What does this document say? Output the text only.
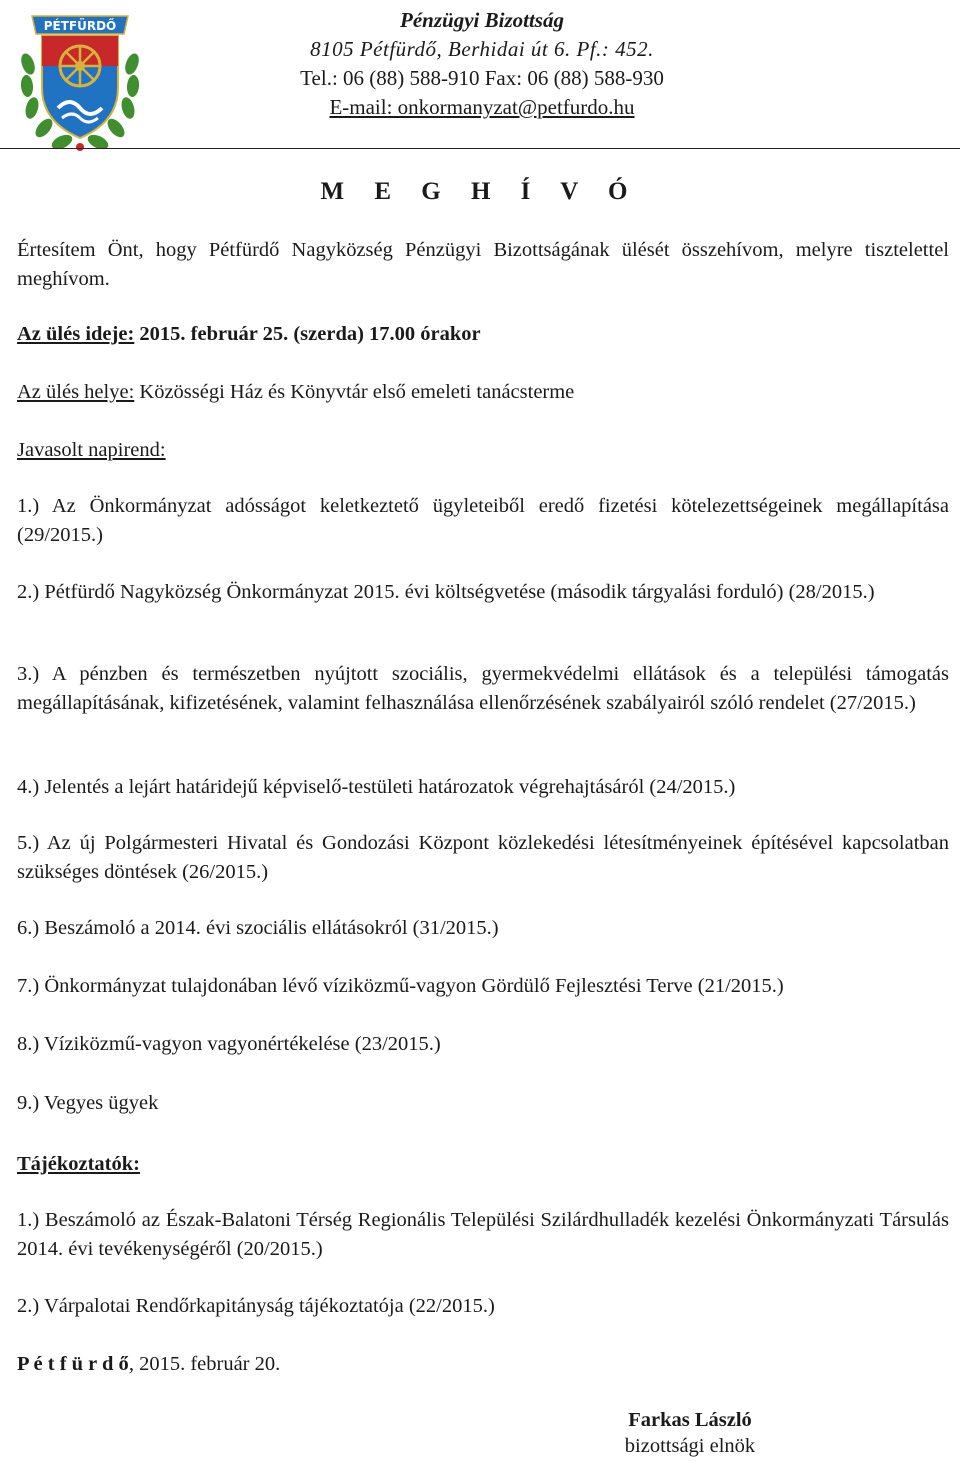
PÉTFÜRDŐ	Pénzügyi Bizottság
8105 Pétfürdő, Berhidai út 6. Pf.: 452.
Tel.: 06 (88) 588-910 Fax: 06 (88) 588-930
E-mail: onkormanyzat@petfurdo.hu
M E G H Í V Ó
Értesítem Önt, hogy Pétfürdő Nagyközség Pénzügyi Bizottságának ülését összehívom, melyre tisztelettel meghívom.
Az ülés ideje: 2015. február 25. (szerda) 17.00 órakor
Az ülés helye: Közösségi Ház és Könyvtár első emeleti tanácsterme
Javasolt napirend:
1.) Az Önkormányzat adósságot keletkeztető ügyleteiből eredő fizetési kötelezettségeinek megállapítása (29/2015.)
2.) Pétfürdő Nagyközség Önkormányzat 2015. évi költségvetése (második tárgyalási forduló) (28/2015.)
3.) A pénzben és természetben nyújtott szociális, gyermekvédelmi ellátások és a települési támogatás megállapításának, kifizetésének, valamint felhasználása ellenőrzésének szabályairól szóló rendelet (27/2015.)
4.) Jelentés a lejárt határidejű képviselő-testületi határozatok végrehajtásáról (24/2015.)
5.) Az új Polgármesteri Hivatal és Gondozási Központ közlekedési létesítményeinek építésével kapcsolatban szükséges döntések (26/2015.)
6.) Beszámoló a 2014. évi szociális ellátásokról (31/2015.)
7.) Önkormányzat tulajdonában lévő víziközmű-vagyon Gördülő Fejlesztési Terve (21/2015.)
8.) Víziközmű-vagyon vagyonértékelése (23/2015.)
9.) Vegyes ügyek
Tájékoztatók:
1.) Beszámoló az Észak-Balatoni Térség Regionális Települési Szilárdhulladék kezelési Önkormányzati Társulás 2014. évi tevékenységéről (20/2015.)
2.) Várpalotai Rendőrkapitányság tájékoztatója (22/2015.)
P é t f ü r d ő, 2015. február 20.
Farkas László
bizottsági elnök
